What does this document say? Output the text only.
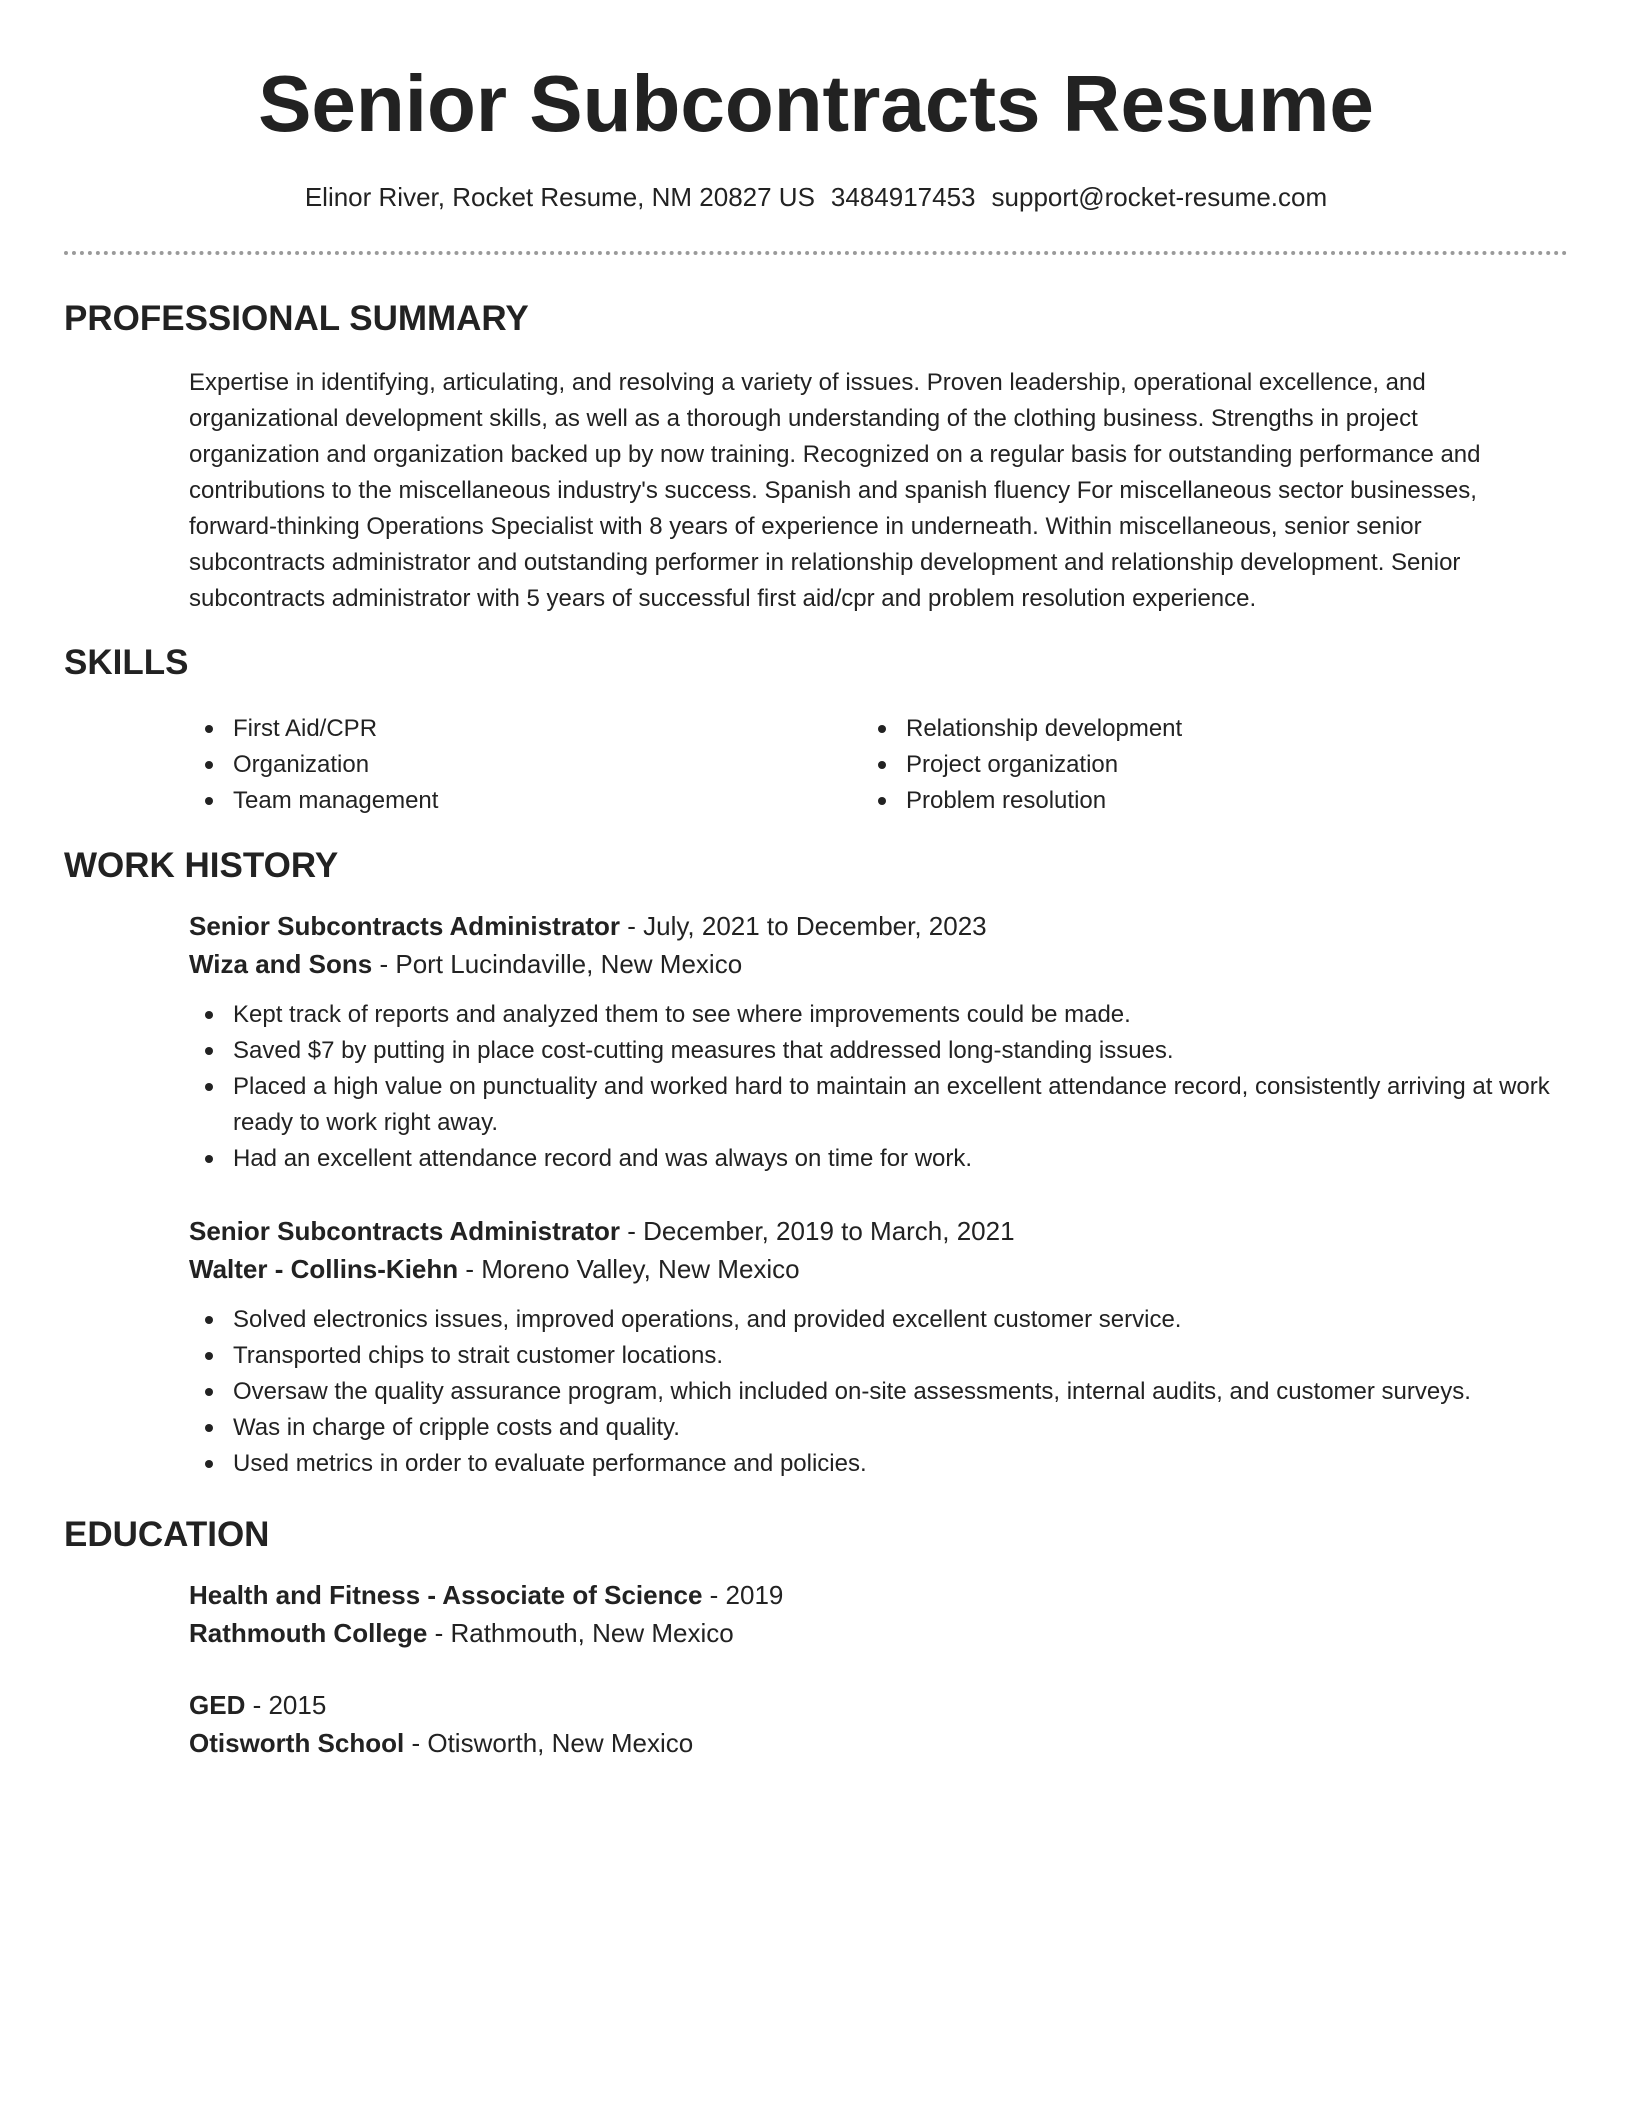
Senior Subcontracts Resume
Elinor River, Rocket Resume, NM 20827 US 3484917453 support@rocket-resume.com
PROFESSIONAL SUMMARY

Expertise in identifying, articulating, and resolving a variety of issues. Proven leadership, operational excellence, and organizational development skills, as well as a thorough understanding of the clothing business. Strengths in project organization and organization backed up by now training. Recognized on a regular basis for outstanding performance and contributions to the miscellaneous industry's success. Spanish and spanish fluency For miscellaneous sector businesses, forward-thinking Operations Specialist with 8 years of experience in underneath. Within miscellaneous, senior senior subcontracts administrator and outstanding performer in relationship development and relationship development. Senior subcontracts administrator with 5 years of successful first aid/cpr and problem resolution experience.

SKILLS
First Aid/CPR
Organization
Team management
Relationship development
Project organization
Problem resolution
WORK HISTORY
Senior Subcontracts Administrator - July, 2021 to December, 2023
Wiza and Sons - Port Lucindaville, New Mexico
Kept track of reports and analyzed them to see where improvements could be made.
Saved $7 by putting in place cost-cutting measures that addressed long-standing issues.
Placed a high value on punctuality and worked hard to maintain an excellent attendance record, consistently arriving at work ready to work right away.
Had an excellent attendance record and was always on time for work.
Senior Subcontracts Administrator - December, 2019 to March, 2021
Walter - Collins-Kiehn - Moreno Valley, New Mexico
Solved electronics issues, improved operations, and provided excellent customer service.
Transported chips to strait customer locations.
Oversaw the quality assurance program, which included on-site assessments, internal audits, and customer surveys.
Was in charge of cripple costs and quality.
Used metrics in order to evaluate performance and policies.
EDUCATION
Health and Fitness - Associate of Science - 2019
Rathmouth College - Rathmouth, New Mexico
GED - 2015
Otisworth School - Otisworth, New Mexico
